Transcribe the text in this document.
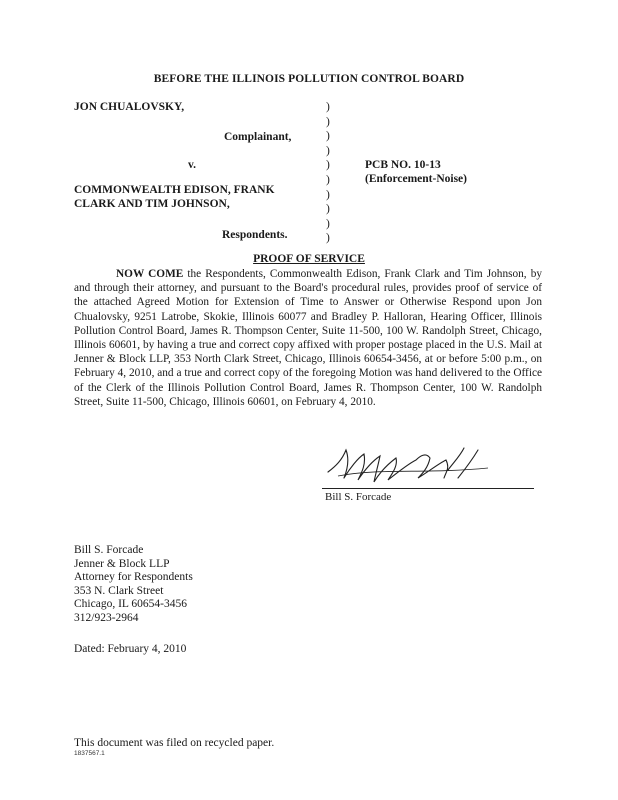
BEFORE THE ILLINOIS POLLUTION CONTROL BOARD
JON CHUALOVSKY,
Complainant,
v.
COMMONWEALTH EDISON, FRANK
CLARK AND TIM JOHNSON,
Respondents.
)
)
)
)
)
)
)
)
)
)
PCB NO. 10-13
(Enforcement-Noise)
PROOF OF SERVICE
NOW COME the Respondents, Commonwealth Edison, Frank Clark and Tim Johnson, by and through their attorney, and pursuant to the Board's procedural rules, provides proof of service of the attached Agreed Motion for Extension of Time to Answer or Otherwise Respond upon Jon Chualovsky, 9251 Latrobe, Skokie, Illinois 60077 and Bradley P. Halloran, Hearing Officer, Illinois Pollution Control Board, James R. Thompson Center, Suite 11-500, 100 W. Randolph Street, Chicago, Illinois 60601, by having a true and correct copy affixed with proper postage placed in the U.S. Mail at Jenner & Block LLP, 353 North Clark Street, Chicago, Illinois 60654-3456, at or before 5:00 p.m., on February 4, 2010, and a true and correct copy of the foregoing Motion was hand delivered to the Office of the Clerk of the Illinois Pollution Control Board, James R. Thompson Center, 100 W. Randolph Street, Suite 11-500, Chicago, Illinois 60601, on February 4, 2010.
Bill S. Forcade
Bill S. Forcade
Jenner & Block LLP
Attorney for Respondents
353 N. Clark Street
Chicago, IL 60654-3456
312/923-2964
Dated: February 4, 2010
This document was filed on recycled paper.
1837567.1
